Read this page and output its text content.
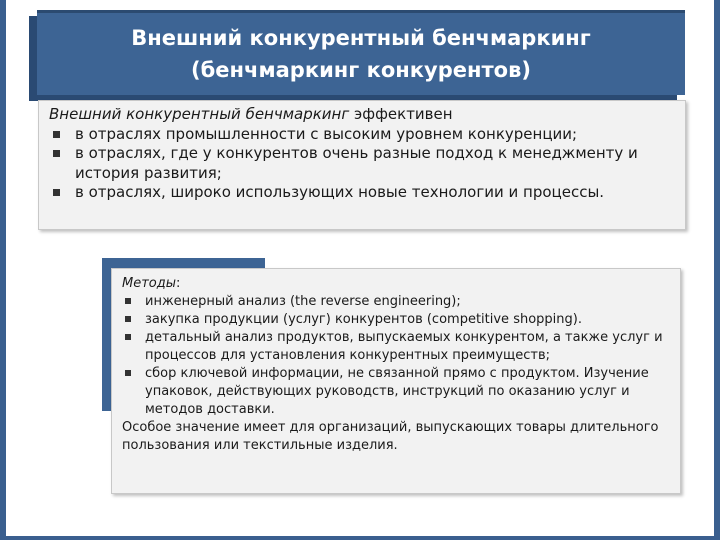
Внешний конкурентный бенчмаркинг
(бенчмаркинг конкурентов)
Внешний конкурентный бенчмаркинг эффективен
в отраслях промышленности с высоким уровнем конкуренции;
в отраслях, где у конкурентов очень разные подход к менеджменту и история развития;
в отраслях, широко использующих новые технологии и процессы.
Методы:
инженерный анализ (the reverse engineering);
закупка продукции (услуг) конкурентов (competitive shopping).
детальный анализ продуктов, выпускаемых конкурентом, а также услуг и процессов для установления конкурентных преимуществ;
сбор ключевой информации, не связанной прямо с продуктом. Изучение упаковок, действующих руководств, инструкций по оказанию услуг и методов доставки.
Особое значение имеет для организаций, выпускающих товары длительного пользования или текстильные изделия.
